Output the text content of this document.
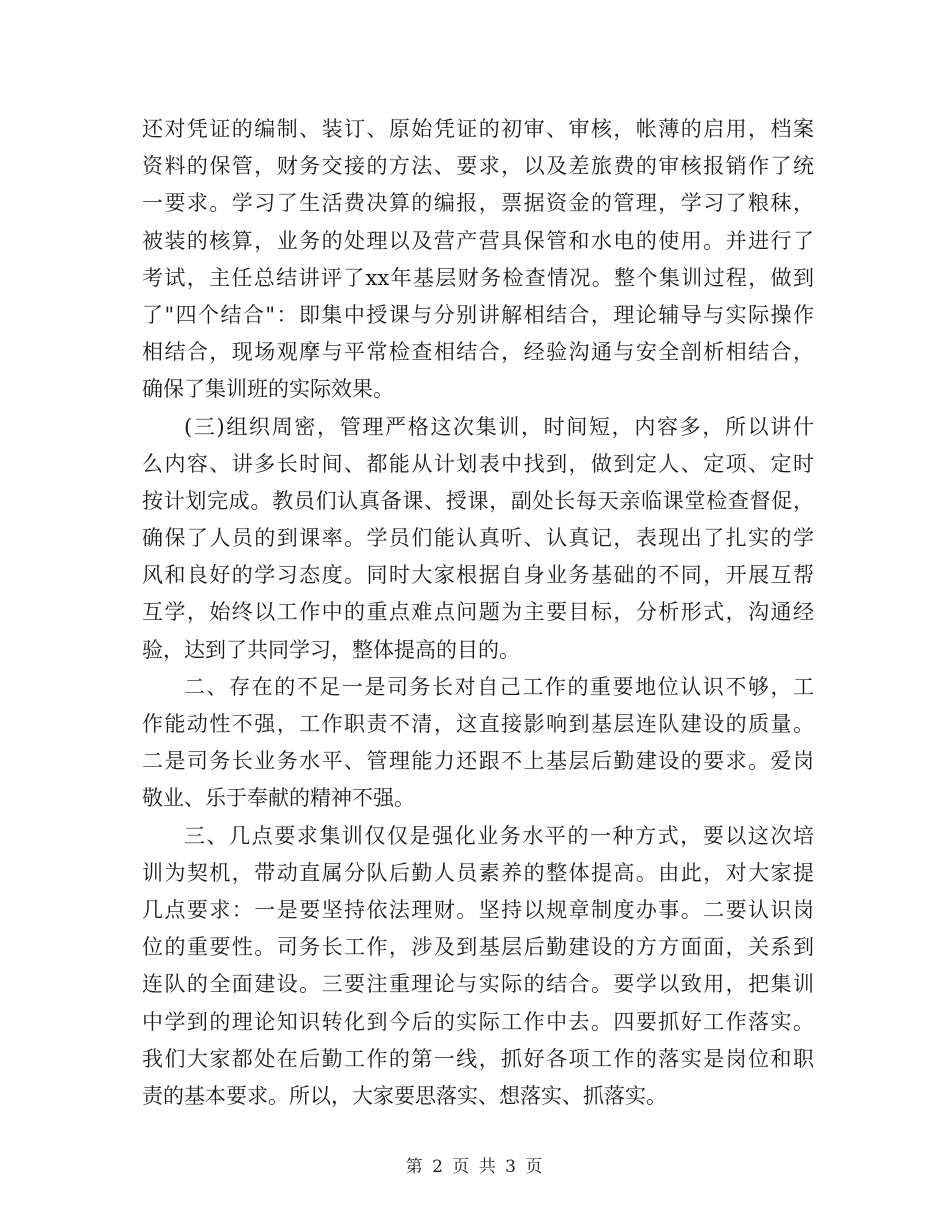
还对凭证的编制、装订、原始凭证的初审、审核，帐薄的启用，档案
资料的保管，财务交接的方法、要求，以及差旅费的审核报销作了统
一要求。学习了生活费决算的编报，票据资金的管理，学习了粮秣，
被装的核算，业务的处理以及营产营具保管和水电的使用。并进行了
考试，主任总结讲评了xx年基层财务检查情况。整个集训过程，做到
了"四个结合"：即集中授课与分别讲解相结合，理论辅导与实际操作
相结合，现场观摩与平常检查相结合，经验沟通与安全剖析相结合，
确保了集训班的实际效果。
(三)组织周密，管理严格这次集训，时间短，内容多，所以讲什
么内容、讲多长时间、都能从计划表中找到，做到定人、定项、定时
按计划完成。教员们认真备课、授课，副处长每天亲临课堂检查督促，
确保了人员的到课率。学员们能认真听、认真记，表现出了扎实的学
风和良好的学习态度。同时大家根据自身业务基础的不同，开展互帮
互学，始终以工作中的重点难点问题为主要目标，分析形式，沟通经
验，达到了共同学习，整体提高的目的。
二、存在的不足一是司务长对自己工作的重要地位认识不够，工
作能动性不强，工作职责不清，这直接影响到基层连队建设的质量。
二是司务长业务水平、管理能力还跟不上基层后勤建设的要求。爱岗
敬业、乐于奉献的精神不强。
三、几点要求集训仅仅是强化业务水平的一种方式，要以这次培
训为契机，带动直属分队后勤人员素养的整体提高。由此，对大家提
几点要求：一是要坚持依法理财。坚持以规章制度办事。二要认识岗
位的重要性。司务长工作，涉及到基层后勤建设的方方面面，关系到
连队的全面建设。三要注重理论与实际的结合。要学以致用，把集训
中学到的理论知识转化到今后的实际工作中去。四要抓好工作落实。
我们大家都处在后勤工作的第一线，抓好各项工作的落实是岗位和职
责的基本要求。所以，大家要思落实、想落实、抓落实。
第 2 页 共 3 页
